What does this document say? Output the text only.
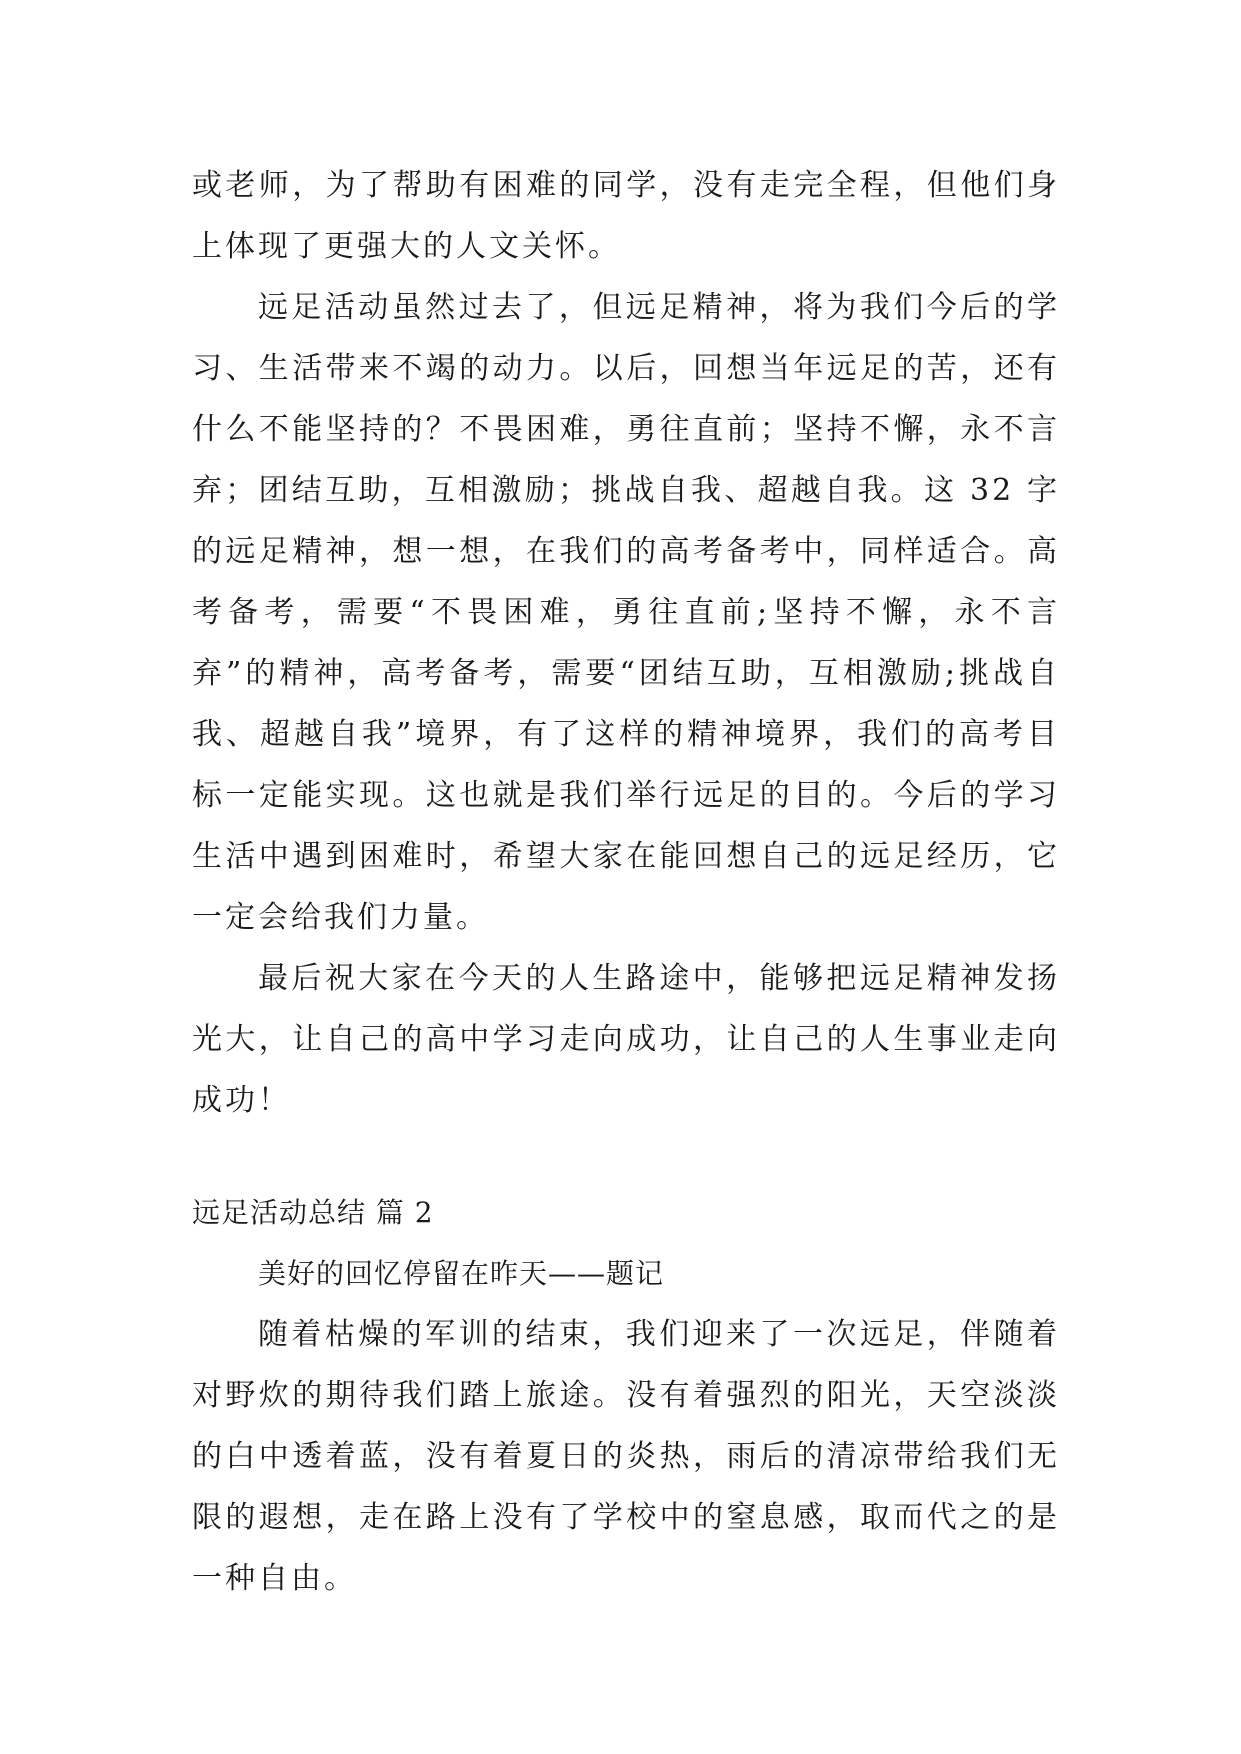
或老师，为了帮助有困难的同学，没有走完全程，但他们身上体现了更强大的人文关怀。

远足活动虽然过去了，但远足精神，将为我们今后的学习、生活带来不竭的动力。以后，回想当年远足的苦，还有什么不能坚持的？不畏困难，勇往直前；坚持不懈，永不言弃；团结互助，互相激励；挑战自我、超越自我。这 32 字的远足精神，想一想，在我们的高考备考中，同样适合。高考备考，需要“不畏困难，勇往直前;坚持不懈，永不言弃”的精神，高考备考，需要“团结互助，互相激励;挑战自我、超越自我”境界，有了这样的精神境界，我们的高考目标一定能实现。这也就是我们举行远足的目的。今后的学习生活中遇到困难时，希望大家在能回想自己的远足经历，它一定会给我们力量。

最后祝大家在今天的人生路途中，能够把远足精神发扬光大，让自己的高中学习走向成功，让自己的人生事业走向成功！

远足活动总结 篇 2

美好的回忆停留在昨天——题记

随着枯燥的军训的结束，我们迎来了一次远足，伴随着对野炊的期待我们踏上旅途。没有着强烈的阳光，天空淡淡的白中透着蓝，没有着夏日的炎热，雨后的清凉带给我们无限的遐想，走在路上没有了学校中的窒息感，取而代之的是一种自由。
